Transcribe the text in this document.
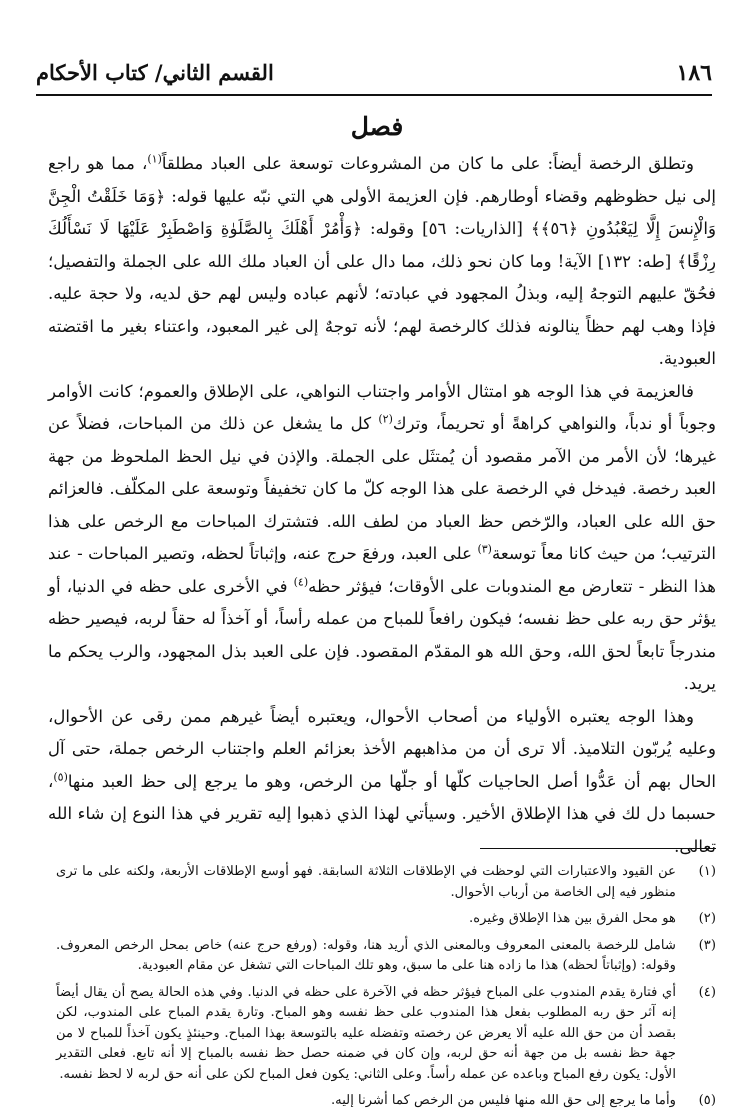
١٨٦
القسم الثاني/ كتاب الأحكام
فصل

وتطلق الرخصة أيضاً: على ما كان من المشروعات توسعة على العباد مطلقاً$^{(١)}$، مما هو راجع إلى نيل حظوظهم وقضاء أوطارهم. فإن العزيمة الأولى هي التي نبّه عليها قوله: ﴿وَمَا خَلَقْتُ الْجِنَّ وَالْإِنسَ إِلَّا لِيَعْبُدُونِ ﴿٥٦﴾﴾ [الذاريات: ٥٦] وقوله: ﴿وَأْمُرْ أَهْلَكَ بِالصَّلَوٰةِ وَاصْطَبِرْ عَلَيْهَا لَا نَسْأَلُكَ رِزْقًا﴾ [طه: ١٣٢] الآية! وما كان نحو ذلك، مما دال على أن العباد ملك الله على الجملة والتفصيل؛ فحُقّ عليهم التوجهُ إليه، وبذلُ المجهود في عبادته؛ لأنهم عباده وليس لهم حق لديه، ولا حجة عليه. فإذا وهب لهم حظاً ينالونه فذلك كالرخصة لهم؛ لأنه توجهٌ إلى غير المعبود، واعتناء بغير ما اقتضته العبودية.

فالعزيمة في هذا الوجه هو امتثال الأوامر واجتناب النواهي، على الإطلاق والعموم؛ كانت الأوامر وجوباً أو ندباً، والنواهي كراهةً أو تحريماً، وترك$^{(٢)}$ كل ما يشغل عن ذلك من المباحات، فضلاً عن غيرها؛ لأن الأمر من الآمر مقصود أن يُمتثَل على الجملة. والإذن في نيل الحظ الملحوظ من جهة العبد رخصة. فيدخل في الرخصة على هذا الوجه كلّ ما كان تخفيفاً وتوسعة على المكلّف. فالعزائم حق الله على العباد، والرّخص حظ العباد من لطف الله. فتشترك المباحات مع الرخص على هذا الترتيب؛ من حيث كانا معاً توسعة$^{(٣)}$ على العبد، ورفعَ حرج عنه، وإثباتاً لحظه، وتصير المباحات - عند هذا النظر - تتعارض مع المندوبات على الأوقات؛ فيؤثر حظه$^{(٤)}$ في الأخرى على حظه في الدنيا، أو يؤثر حق ربه على حظ نفسه؛ فيكون رافعاً للمباح من عمله رأساً، أو آخذاً له حقاً لربه، فيصير حظه مندرجاً تابعاً لحق الله، وحق الله هو المقدّم المقصود. فإن على العبد بذل المجهود، والرب يحكم ما يريد.

وهذا الوجه يعتبره الأولياء من أصحاب الأحوال، ويعتبره أيضاً غيرهم ممن رقى عن الأحوال، وعليه يُربّون التلاميذ. ألا ترى أن من مذاهبهم الأخذ بعزائم العلم واجتناب الرخص جملة، حتى آل الحال بهم أن عَدُّوا أصل الحاجيات كلّها أو جلّها من الرخص، وهو ما يرجع إلى حظ العبد منها$^{(٥)}$، حسبما دل لك في هذا الإطلاق الأخير. وسيأتي لهذا الذي ذهبوا إليه تقرير في هذا النوع إن شاء الله تعالى.

(١)
عن القيود والاعتبارات التي لوحظت في الإطلاقات الثلاثة السابقة. فهو أوسع الإطلاقات الأربعة، ولكنه على ما ترى منظور فيه إلى الخاصة من أرباب الأحوال.
(٢)
هو محل الفرق بين هذا الإطلاق وغيره.
(٣)
شامل للرخصة بالمعنى المعروف وبالمعنى الذي أريد هنا، وقوله: (ورفع حرج عنه) خاص بمحل الرخص المعروف. وقوله: (وإثباتاً لحظه) هذا ما زاده هنا على ما سبق، وهو تلك المباحات التي تشغل عن مقام العبودية.
(٤)
أي فتارة يقدم المندوب على المباح فيؤثر حظه في الآخرة على حظه في الدنيا. وفي هذه الحالة يصح أن يقال أيضاً إنه آثر حق ربه المطلوب بفعل هذا المندوب على حظ نفسه وهو المباح. وتارة يقدم المباح على المندوب، لكن بقصد أن من حق الله عليه ألا يعرض عن رخصته وتفضله عليه بالتوسعة بهذا المباح. وحينئذٍ يكون آخذاً للمباح لا من جهة حظ نفسه بل من جهة أنه حق لربه، وإن كان في ضمنه حصل حظ نفسه بالمباح إلا أنه تابع. فعلى التقدير الأول: يكون رفع المباح وباعده عن عمله رأساً. وعلى الثاني: يكون فعل المباح لكن على أنه حق لربه لا لحظ نفسه.
(٥)
وأما ما يرجع إلى حق الله منها فليس من الرخص كما أشرنا إليه.
